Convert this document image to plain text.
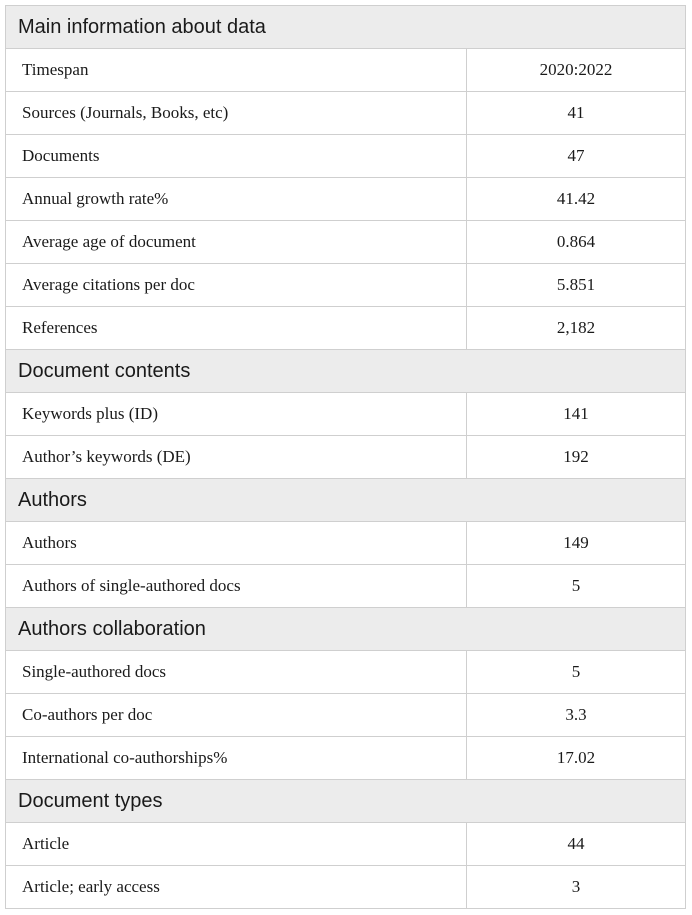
Main information about data
Timespan	2020:2022
Sources (Journals, Books, etc)	41
Documents	47
Annual growth rate%	41.42
Average age of document	0.864
Average citations per doc	5.851
References	2,182
Document contents
Keywords plus (ID)	141
Author’s keywords (DE)	192
Authors
Authors	149
Authors of single-authored docs	5
Authors collaboration
Single-authored docs	5
Co-authors per doc	3.3
International co-authorships%	17.02
Document types
Article	44
Article; early access	3
